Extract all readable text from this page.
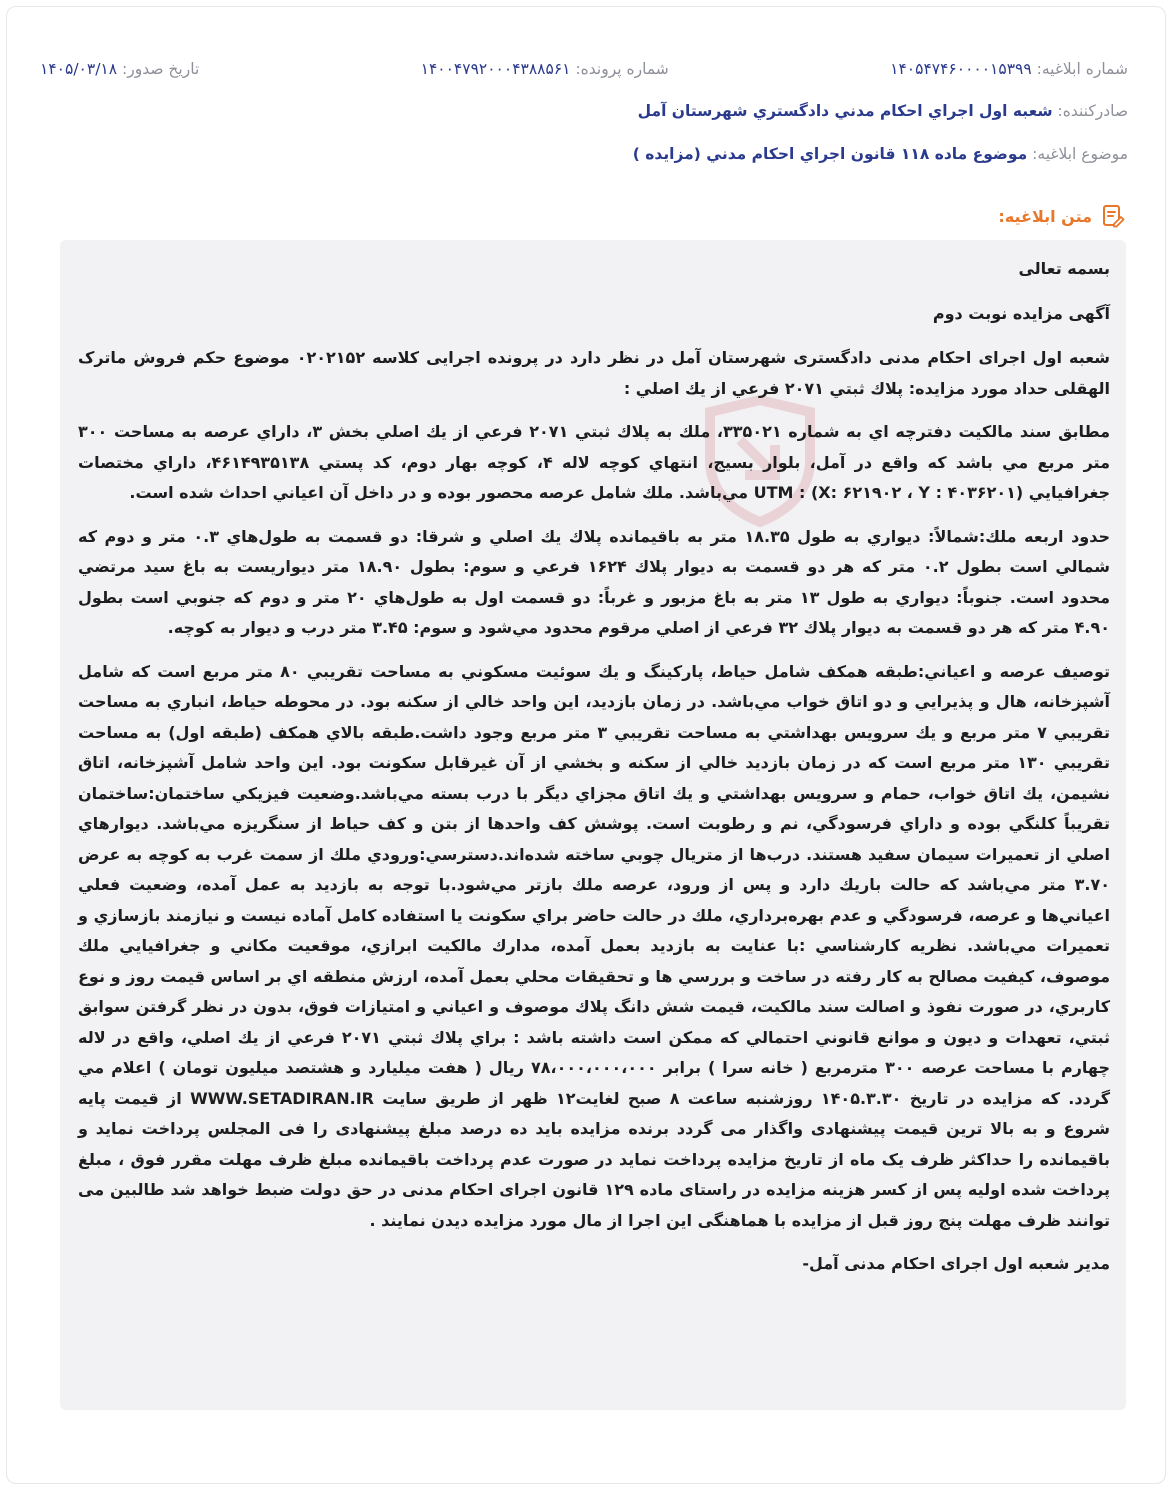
شماره ابلاغیه: ۱۴۰۵۴۷۴۶۰۰۰۰۱۵۳۹۹
شماره پرونده: ۱۴۰۰۴۷۹۲۰۰۰۴۳۸۸۵۶۱
تاریخ صدور: ۱۴۰۵/۰۳/۱۸
صادرکننده: شعبه اول اجراي احكام مدني دادگستري شهرستان آمل
موضوع ابلاغیه: موضوع ماده ۱۱۸ قانون اجراي احكام مدني (مزايده )
متن ابلاغیه:

بسمه تعالی

آگهی مزایده نوبت دوم

شعبه اول اجرای احکام مدنی دادگستری شهرستان آمل در نظر دارد در پرونده اجرایی کلاسه ۰۲۰۲۱۵۲ موضوع حکم فروش ماترک الهقلی حداد مورد مزايده: پلاك ثبتي ۲۰۷۱ فرعي از يك اصلي :

مطابق سند مالكيت دفترچه اي به شماره ۳۳۵۰۲۱، ملك به پلاك ثبتي ۲۰۷۱ فرعي از يك اصلي بخش ۳، داراي عرصه به مساحت ۳۰۰ متر مربع مي باشد كه واقع در آمل، بلوار بسيج، انتهاي كوچه لاله ۴، كوچه بهار دوم، كد پستي ۴۶۱۴۹۳۵۱۳۸، داراي مختصات جغرافيايي UTM : (X: ۶۲۱۹۰۲ ، Y : ۴۰۳۶۲۰۱) مي‌باشد. ملك شامل عرصه محصور بوده و در داخل آن اعياني احداث شده است.

حدود اربعه ملك:شمالاً: ديواري به طول ۱۸.۳۵ متر به باقيمانده پلاك يك اصلي و شرقا: دو قسمت به طول‌هاي ۰.۳ متر و دوم كه شمالي است بطول ۰.۲ متر كه هر دو قسمت به ديوار پلاك ۱۶۲۴ فرعي و سوم: بطول ۱۸.۹۰ متر ديواريست به باغ سيد مرتضي محدود است. جنوباً: ديواري به طول ۱۳ متر به باغ مزبور و غرباً: دو قسمت اول به طول‌هاي ۲۰ متر و دوم كه جنوبي است بطول ۴.۹۰ متر كه هر دو قسمت به ديوار پلاك ۳۲ فرعي از اصلي مرقوم محدود مي‌شود و سوم: ۳.۴۵ متر درب و ديوار به كوچه.

توصيف عرصه و اعياني:طبقه همكف شامل حياط، پاركينگ و يك سوئيت مسكوني به مساحت تقريبي ۸۰ متر مربع است كه شامل آشپزخانه، هال و پذيرايي و دو اتاق خواب مي‌باشد. در زمان بازديد، اين واحد خالي از سكنه بود. در محوطه حياط، انباري به مساحت تقريبي ۷ متر مربع و يك سرويس بهداشتي به مساحت تقريبي ۳ متر مربع وجود داشت.طبقه بالاي همكف (طبقه اول) به مساحت تقريبي ۱۳۰ متر مربع است كه در زمان بازديد خالي از سكنه و بخشي از آن غيرقابل سكونت بود. اين واحد شامل آشپزخانه، اتاق نشيمن، يك اتاق خواب، حمام و سرويس بهداشتي و يك اتاق مجزاي ديگر با درب بسته مي‌باشد.وضعيت فيزيكي ساختمان:ساختمان تقريباً كلنگي بوده و داراي فرسودگي، نم و رطوبت است. پوشش كف واحدها از بتن و كف حياط از سنگريزه مي‌باشد. ديوارهاي اصلي از تعميرات سيمان سفيد هستند. درب‌ها از متريال چوبي ساخته شده‌اند.دسترسي:ورودي ملك از سمت غرب به كوچه به عرض ۳.۷۰ متر مي‌باشد كه حالت باريك دارد و پس از ورود، عرصه ملك بازتر مي‌شود.با توجه به بازديد به عمل آمده، وضعيت فعلي اعياني‌ها و عرصه، فرسودگي و عدم بهره‌برداري، ملك در حالت حاضر براي سكونت يا استفاده كامل آماده نيست و نيازمند بازسازي و تعميرات مي‌باشد. نظريه كارشناسي :با عنايت به بازديد بعمل آمده، مدارك مالكيت ابرازي، موقعيت مكاني و جغرافيايي ملك موصوف، كيفيت مصالح به كار رفته در ساخت و بررسي ها و تحقيقات محلي بعمل آمده، ارزش منطقه اي بر اساس قيمت روز و نوع كاربري، در صورت نفوذ و اصالت سند مالكيت، قيمت شش دانگ پلاك موصوف و اعياني و امتيازات فوق، بدون در نظر گرفتن سوابق ثبتي، تعهدات و ديون و موانع قانوني احتمالي كه ممكن است داشته باشد : براي پلاك ثبتي ۲۰۷۱ فرعي از يك اصلي، واقع در لاله چهارم با مساحت عرصه ۳۰۰ مترمربع ( خانه سرا ) برابر ۷۸،۰۰۰،۰۰۰،۰۰۰ ريال ( هفت ميليارد و هشتصد ميليون تومان ) اعلام مي گردد. كه مزايده در تاريخ ۱۴۰۵.۳.۳۰ روزشنبه ساعت ۸ صبح لغايت۱۲ ظهر از طريق سایت WWW.SETADIRAN.IR از قیمت پایه شروع و به بالا ترین قیمت پیشنهادی واگذار می گردد برنده مزایده باید ده درصد مبلغ پیشنهادی را فی المجلس پرداخت نماید و باقیمانده را حداکثر ظرف یک ماه از تاریخ مزایده پرداخت نماید در صورت عدم پرداخت باقیمانده مبلغ ظرف مهلت مقرر فوق ، مبلغ پرداخت شده اولیه پس از کسر هزینه مزایده در راستای ماده ۱۲۹ قانون اجرای احکام مدنی در حق دولت ضبط خواهد شد طالبین می توانند ظرف مهلت پنج روز قبل از مزایده با هماهنگی این اجرا از مال مورد مزایده دیدن نمایند .

مدیر شعبه اول اجرای احکام مدنی آمل-
